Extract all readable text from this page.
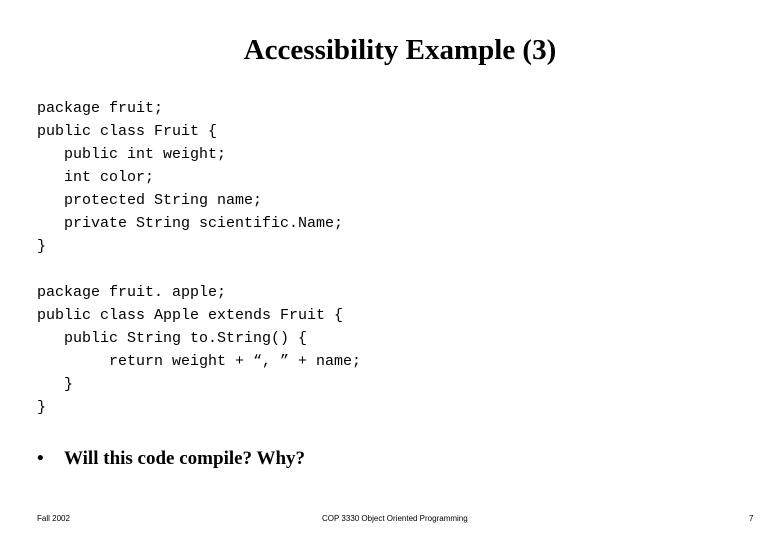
Accessibility Example (3)
package fruit;
public class Fruit {
public int weight;
int color;
protected String name;
private String scientific.Name;
}
package fruit. apple;
public class Apple extends Fruit {
public String to.String() {
return weight + “, ” + name;
}
}
•	Will this code compile? Why?
Fall 2002	COP 3330 Object Oriented Programming	7
